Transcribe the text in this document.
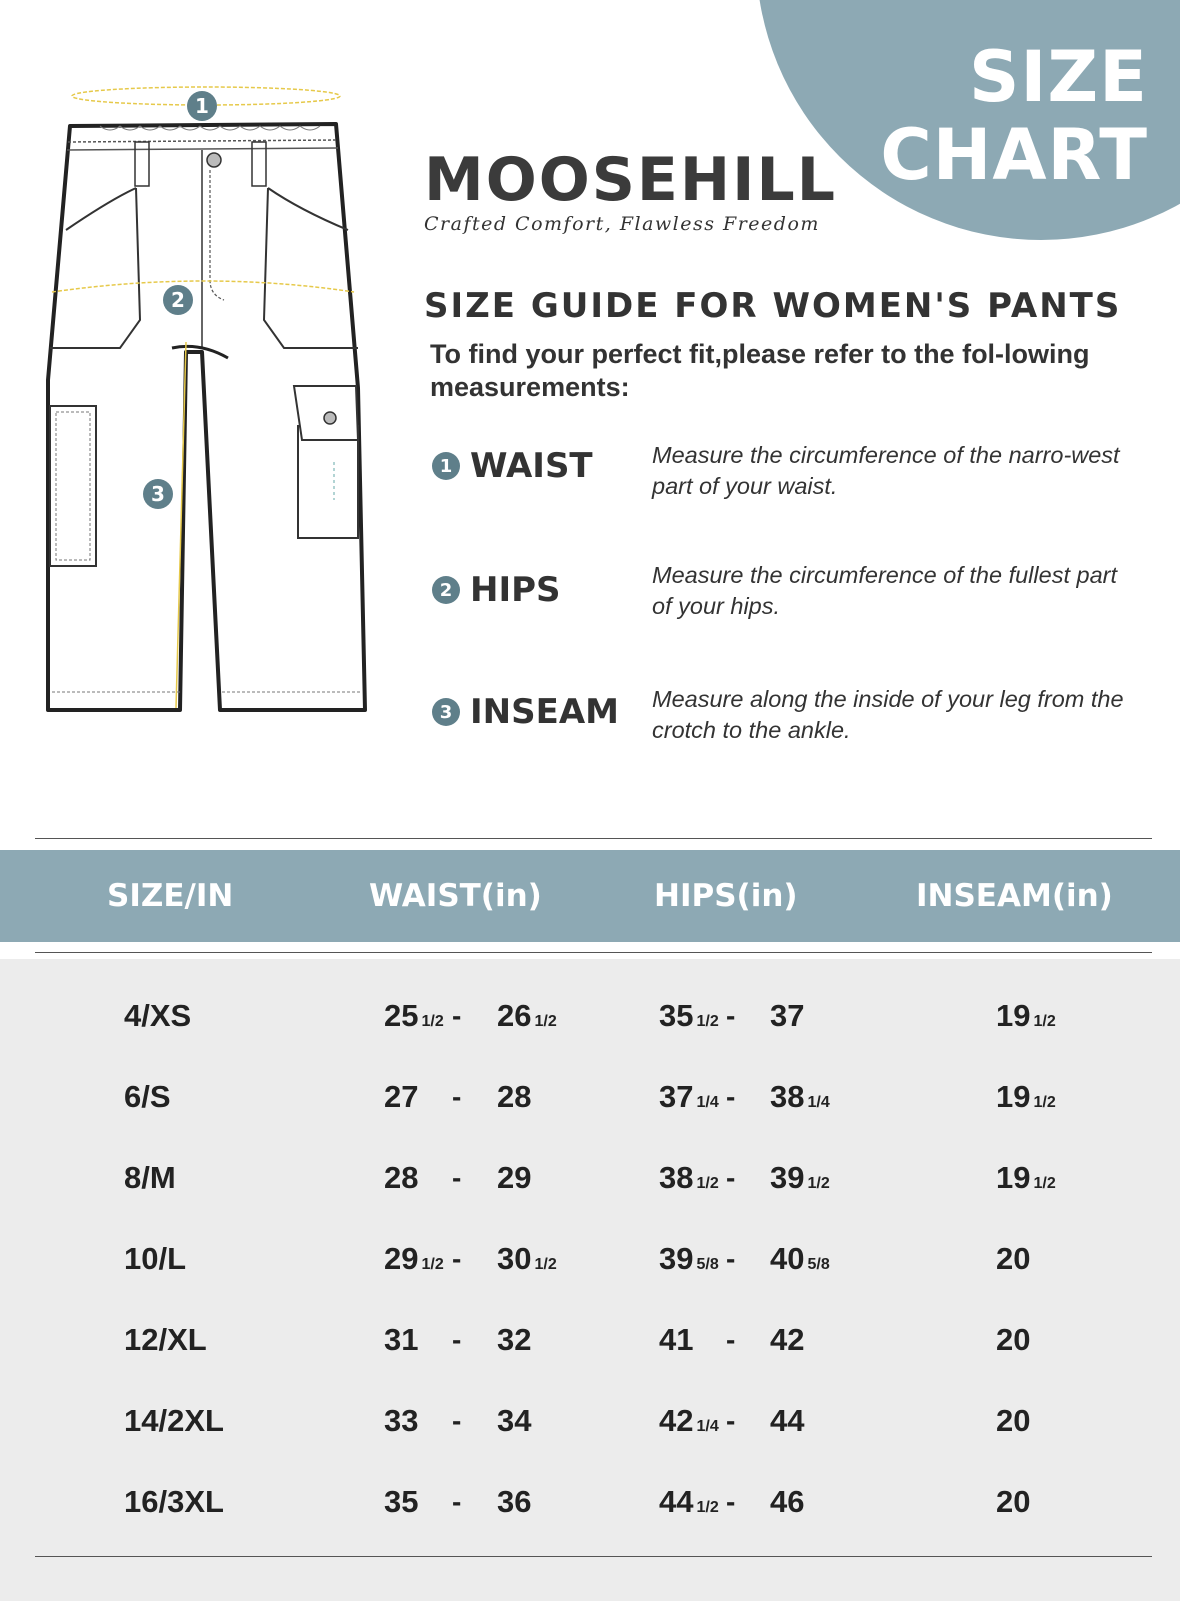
SIZE
CHART
1
2
3
MOOSEHILL
Crafted Comfort, Flawless Freedom
SIZE GUIDE FOR WOMEN'S PANTS
To find your perfect fit,please refer to the fol-lowing measurements:
1 WAIST	Measure the circumference of the narro-west part of your waist.
2 HIPS	Measure the circumference of the fullest part of your hips.
3 INSEAM Measure along the inside of your leg from the crotch to the ankle.
SIZE/IN	WAIST(in)	HIPS(in)	INSEAM(in)
4/XS	25 1/2 - 26 1/2	35 1/2 - 37	19 1/2
6/S	27 - 28	37 1/4 - 38 1/4	19 1/2
8/M	28 - 29	38 1/2 - 39 1/2	19 1/2
10/L	29 1/2 - 30 1/2	39 5/8 - 40 5/8	20
12/XL	31 - 32	41 - 42	20
14/2XL	33 - 34	42 1/4 - 44	20
16/3XL	35 - 36	44 1/2 - 46	20
